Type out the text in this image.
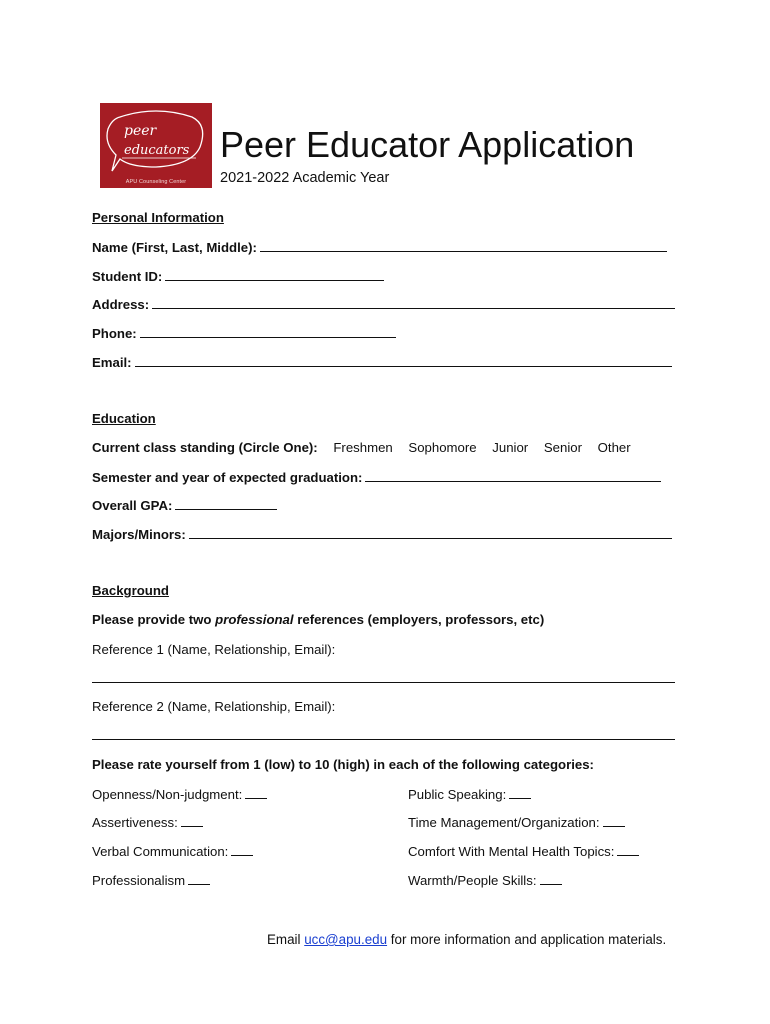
peer
educators
APU Counseling Center
Peer Educator Application
2021-2022 Academic Year
Personal Information
Name (First, Last, Middle):
Student ID:
Address:
Phone:
Email:
Education
Current class standing (Circle One): Freshmen Sophomore Junior Senior Other
Semester and year of expected graduation:
Overall GPA:
Majors/Minors:
Background
Please provide two professional references (employers, professors, etc)
Reference 1 (Name, Relationship, Email):
Reference 2 (Name, Relationship, Email):
Please rate yourself from 1 (low) to 10 (high) in each of the following categories:
Openness/Non-judgment:
Assertiveness:
Verbal Communication:
Professionalism
Public Speaking:
Time Management/Organization:
Comfort With Mental Health Topics:
Warmth/People Skills:
Email ucc@apu.edu for more information and application materials.
